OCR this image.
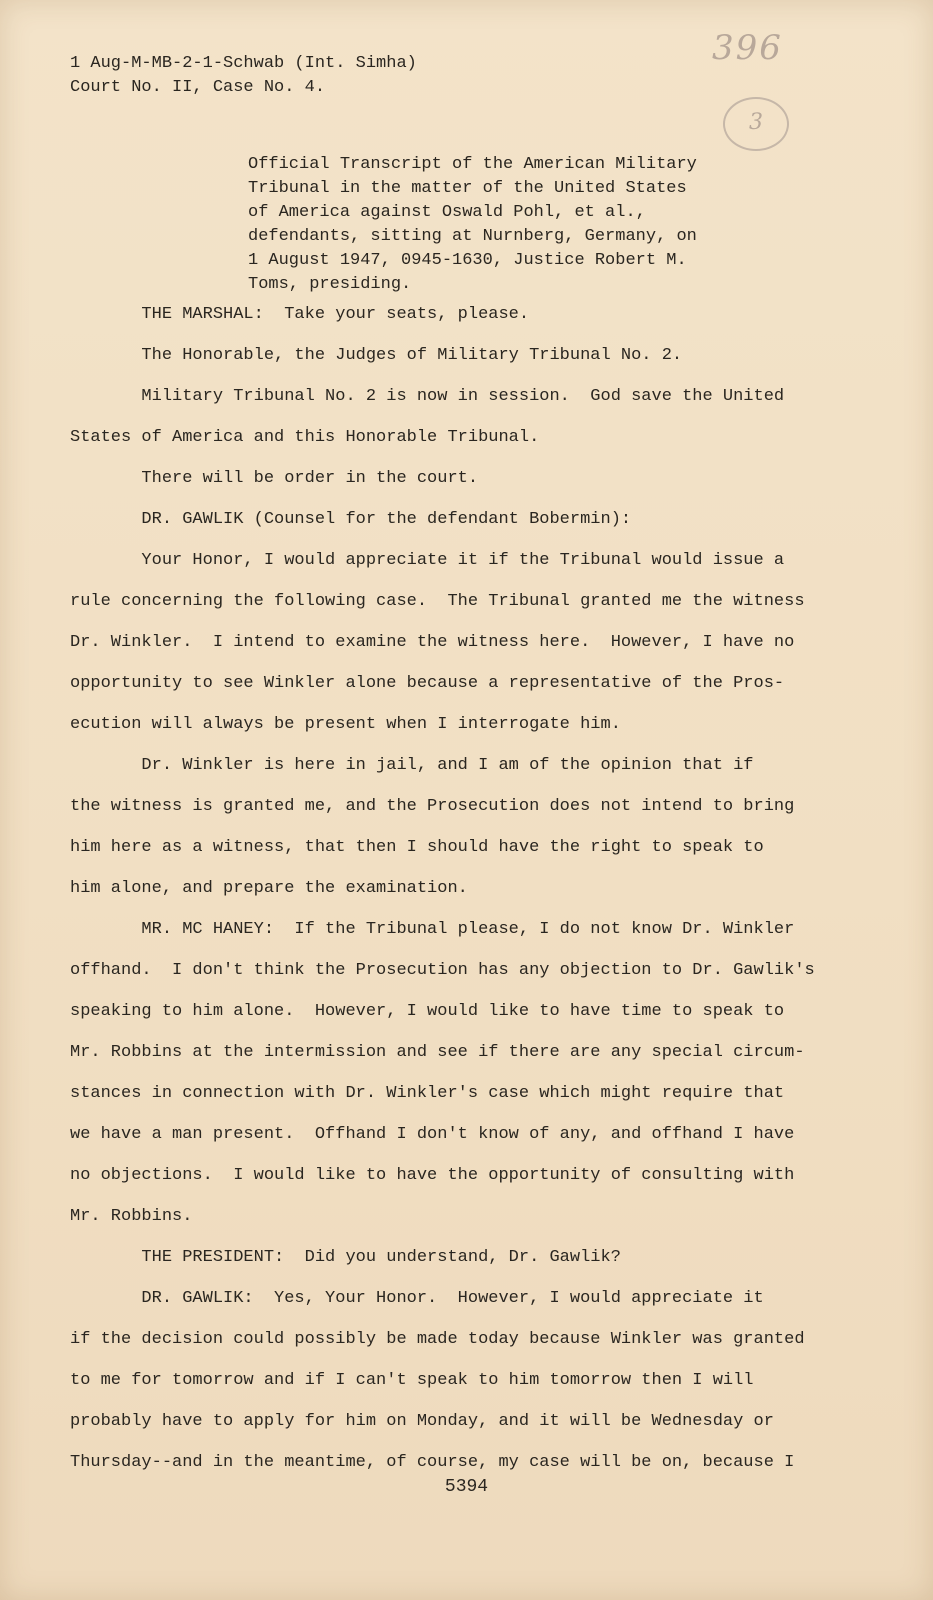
1 Aug-M-MB-2-1-Schwab (Int. Simha)
Court No. II, Case No. 4.
396
3
Official Transcript of the American Military
Tribunal in the matter of the United States
of America against Oswald Pohl, et al.,
defendants, sitting at Nurnberg, Germany, on
1 August 1947, 0945-1630, Justice Robert M.
Toms, presiding.
THE MARSHAL:  Take your seats, please.
The Honorable, the Judges of Military Tribunal No. 2.
Military Tribunal No. 2 is now in session.  God save the United
States of America and this Honorable Tribunal.
There will be order in the court.
DR. GAWLIK (Counsel for the defendant Bobermin):
Your Honor, I would appreciate it if the Tribunal would issue a
rule concerning the following case.  The Tribunal granted me the witness
Dr. Winkler.  I intend to examine the witness here.  However, I have no
opportunity to see Winkler alone because a representative of the Pros-
ecution will always be present when I interrogate him.
Dr. Winkler is here in jail, and I am of the opinion that if
the witness is granted me, and the Prosecution does not intend to bring
him here as a witness, that then I should have the right to speak to
him alone, and prepare the examination.
MR. MC HANEY:  If the Tribunal please, I do not know Dr. Winkler
offhand.  I don't think the Prosecution has any objection to Dr. Gawlik's
speaking to him alone.  However, I would like to have time to speak to
Mr. Robbins at the intermission and see if there are any special circum-
stances in connection with Dr. Winkler's case which might require that
we have a man present.  Offhand I don't know of any, and offhand I have
no objections.  I would like to have the opportunity of consulting with
Mr. Robbins.
THE PRESIDENT:  Did you understand, Dr. Gawlik?
DR. GAWLIK:  Yes, Your Honor.  However, I would appreciate it
if the decision could possibly be made today because Winkler was granted
to me for tomorrow and if I can't speak to him tomorrow then I will
probably have to apply for him on Monday, and it will be Wednesday or
Thursday--and in the meantime, of course, my case will be on, because I
5394
